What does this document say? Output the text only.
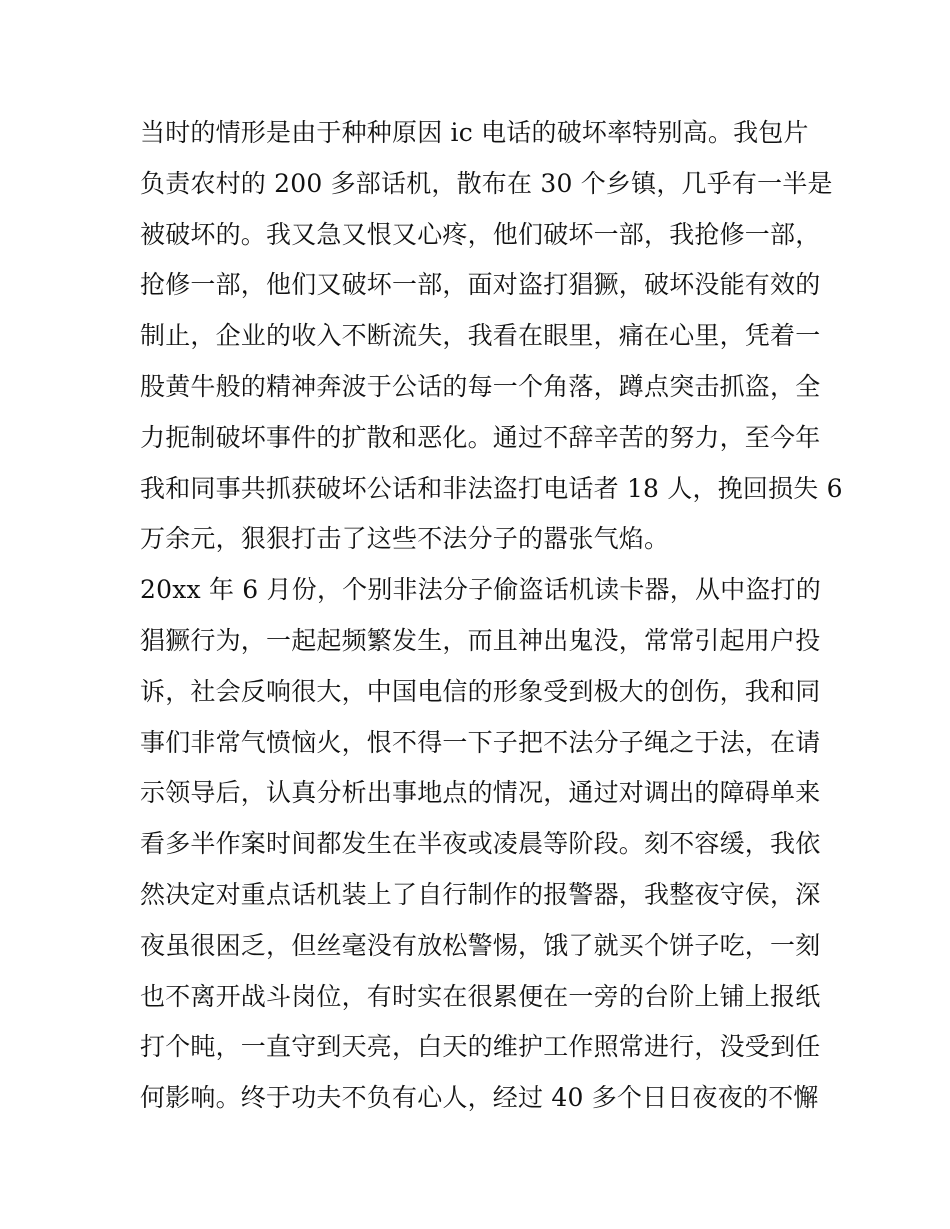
当时的情形是由于种种原因 ic 电话的破坏率特别高。我包片
负责农村的 200 多部话机，散布在 30 个乡镇，几乎有一半是
被破坏的。我又急又恨又心疼，他们破坏一部，我抢修一部，
抢修一部，他们又破坏一部，面对盗打猖獗，破坏没能有效的
制止，企业的收入不断流失，我看在眼里，痛在心里，凭着一
股黄牛般的精神奔波于公话的每一个角落，蹲点突击抓盗，全
力扼制破坏事件的扩散和恶化。通过不辞辛苦的努力，至今年
我和同事共抓获破坏公话和非法盗打电话者 18 人，挽回损失 6
万余元，狠狠打击了这些不法分子的嚣张气焰。
20xx 年 6 月份，个别非法分子偷盗话机读卡器，从中盗打的
猖獗行为，一起起频繁发生，而且神出鬼没，常常引起用户投
诉，社会反响很大，中国电信的形象受到极大的创伤，我和同
事们非常气愤恼火，恨不得一下子把不法分子绳之于法，在请
示领导后，认真分析出事地点的情况，通过对调出的障碍单来
看多半作案时间都发生在半夜或凌晨等阶段。刻不容缓，我依
然决定对重点话机装上了自行制作的报警器，我整夜守侯，深
夜虽很困乏，但丝毫没有放松警惕，饿了就买个饼子吃，一刻
也不离开战斗岗位，有时实在很累便在一旁的台阶上铺上报纸
打个盹，一直守到天亮，白天的维护工作照常进行，没受到任
何影响。终于功夫不负有心人，经过 40 多个日日夜夜的不懈
